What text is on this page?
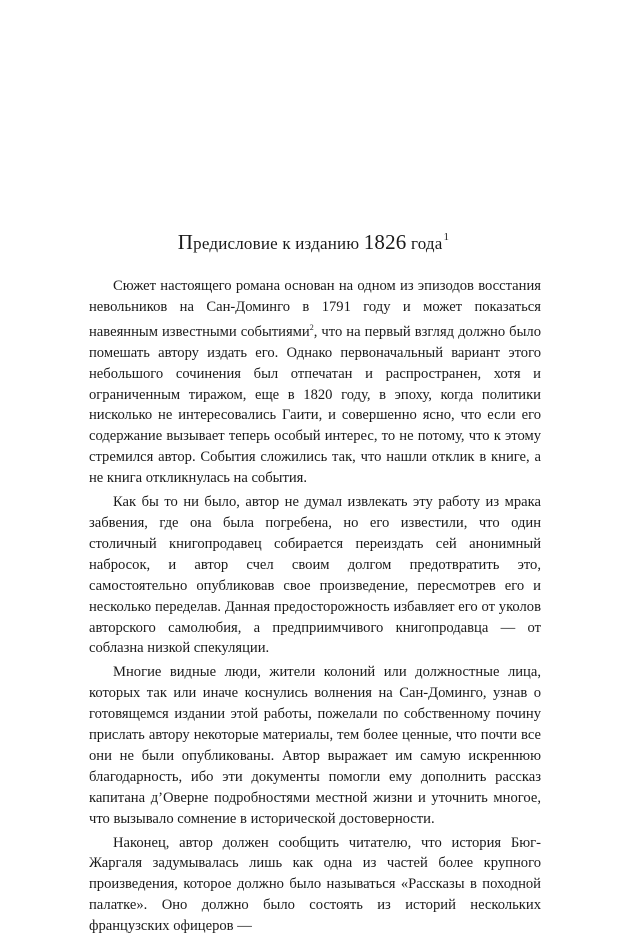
Предисловие к изданию 1826 года$^1$

Сюжет настоящего романа основан на одном из эпизодов восстания невольников на Сан-Доминго в 1791 году и может показаться навеянным известными событиями$^2$, что на первый взгляд должно было помешать автору издать его. Однако первоначальный вариант этого небольшого сочинения был отпечатан и распространен, хотя и ограниченным тиражом, еще в 1820 году, в эпоху, когда политики нисколько не интересовались Гаити, и совершенно ясно, что если его содержание вызывает теперь особый интерес, то не потому, что к этому стремился автор. События сложились так, что нашли отклик в книге, а не книга откликнулась на события.

Как бы то ни было, автор не думал извлекать эту работу из мрака забвения, где она была погребена, но его известили, что один столичный книгопродавец собирается переиздать сей анонимный набросок, и автор счел своим долгом предотвратить это, самостоятельно опубликовав свое произведение, пересмотрев его и несколько переделав. Данная предосторожность избавляет его от уколов авторского самолюбия, а предприимчивого книгопродавца — от соблазна низкой спекуляции.

Многие видные люди, жители колоний или должностные лица, которых так или иначе коснулись волнения на Сан-Доминго, узнав о готовящемся издании этой работы, пожелали по собственному почину прислать автору некоторые материалы, тем более ценные, что почти все они не были опубликованы. Автор выражает им самую искреннюю благодарность, ибо эти документы помогли ему дополнить рассказ капитана д’Оверне подробностями местной жизни и уточнить многое, что вызывало сомнение в исторической достоверности.

Наконец, автор должен сообщить читателю, что история Бюг-Жаргаля задумывалась лишь как одна из частей более крупного произведения, которое должно было называться «Рассказы в походной палатке». Оно должно было состоять из историй нескольких французских офицеров —
